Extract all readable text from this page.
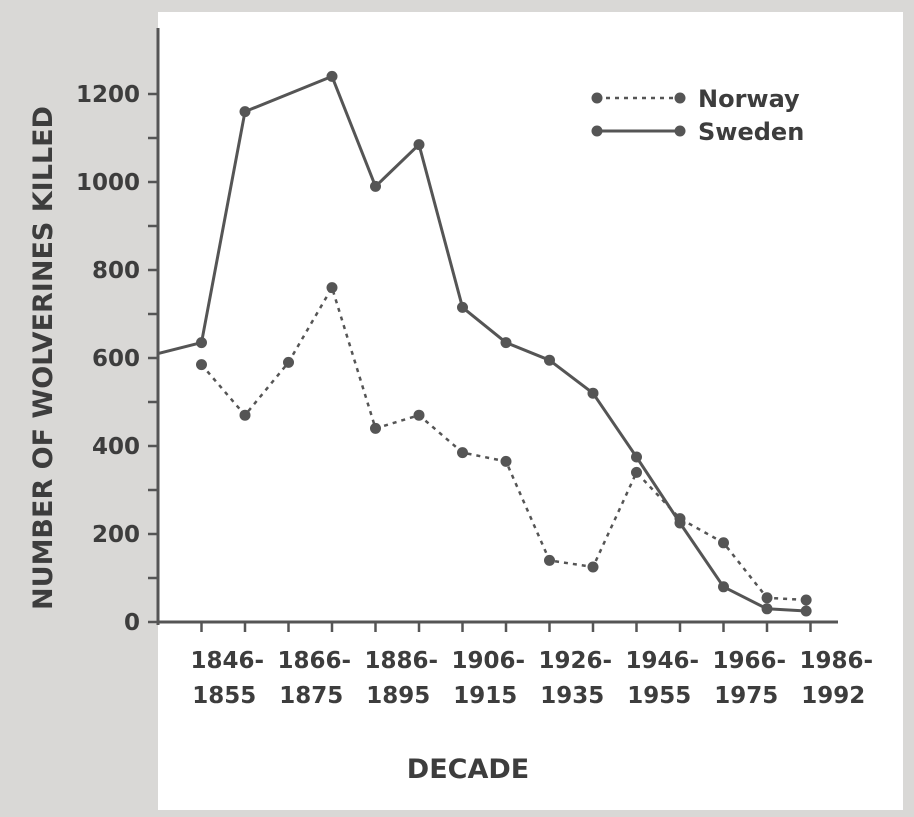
0
200
400
600
800
1000
1200
1846-
1855
1866-
1875
1886-
1895
1906-
1915
1926-
1935
1946-
1955
1966-
1975
1986-
1992
NUMBER OF WOLVERINES KILLED
DECADE
Norway
Sweden
